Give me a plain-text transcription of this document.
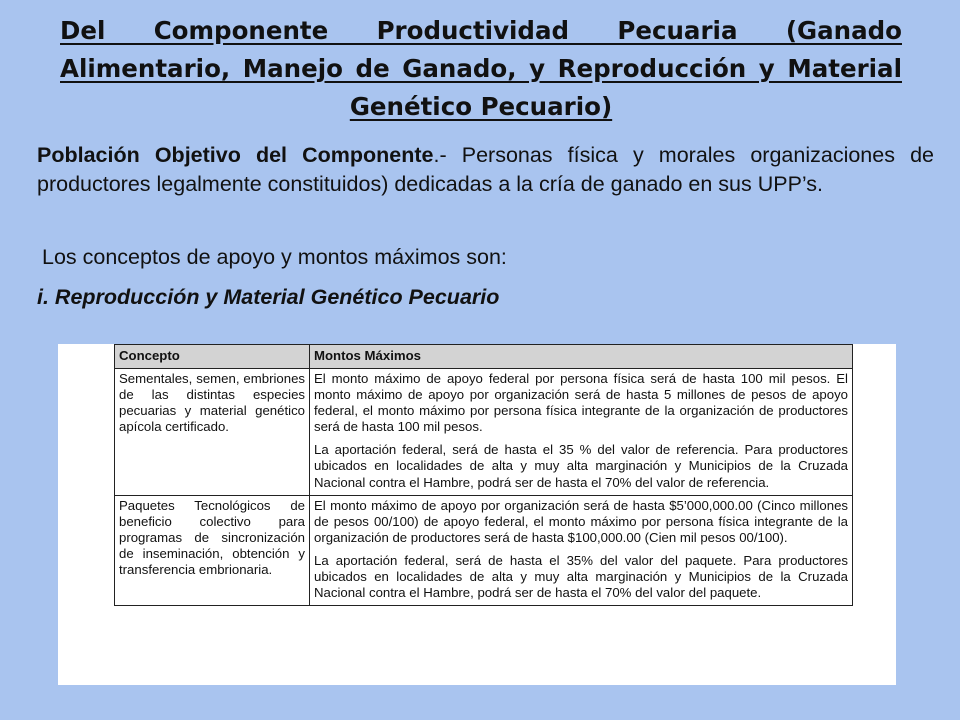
Del Componente Productividad Pecuaria (Ganado Alimentario, Manejo de Ganado, y Reproducción y Material Genético Pecuario)
Población Objetivo del Componente.- Personas física y morales organizaciones de productores legalmente constituidos) dedicadas a la cría de ganado en sus UPP’s.
Los conceptos de apoyo y montos máximos son:
i. Reproducción y Material Genético Pecuario
Concepto	Montos Máximos
Sementales, semen, embriones de las distintas especies pecuarias y material genético apícola certificado.	El monto máximo de apoyo federal por persona física será de hasta 100 mil pesos. El monto máximo de apoyo por organización será de hasta 5 millones de pesos de apoyo federal, el monto máximo por persona física integrante de la organización de productores será de hasta 100 mil pesos.

La aportación federal, será de hasta el 35 % del valor de referencia. Para productores ubicados en localidades de alta y muy alta marginación y Municipios de la Cruzada Nacional contra el Hambre, podrá ser de hasta el 70% del valor de referencia.

Paquetes Tecnológicos de beneficio colectivo para programas de sincronización de inseminación, obtención y transferencia embrionaria.	El monto máximo de apoyo por organización será de hasta $5’000,000.00 (Cinco millones de pesos 00/100) de apoyo federal, el monto máximo por persona física integrante de la organización de productores será de hasta $100,000.00 (Cien mil pesos 00/100).

La aportación federal, será de hasta el 35% del valor del paquete. Para productores ubicados en localidades de alta y muy alta marginación y Municipios de la Cruzada Nacional contra el Hambre, podrá ser de hasta el 70% del valor del paquete.
